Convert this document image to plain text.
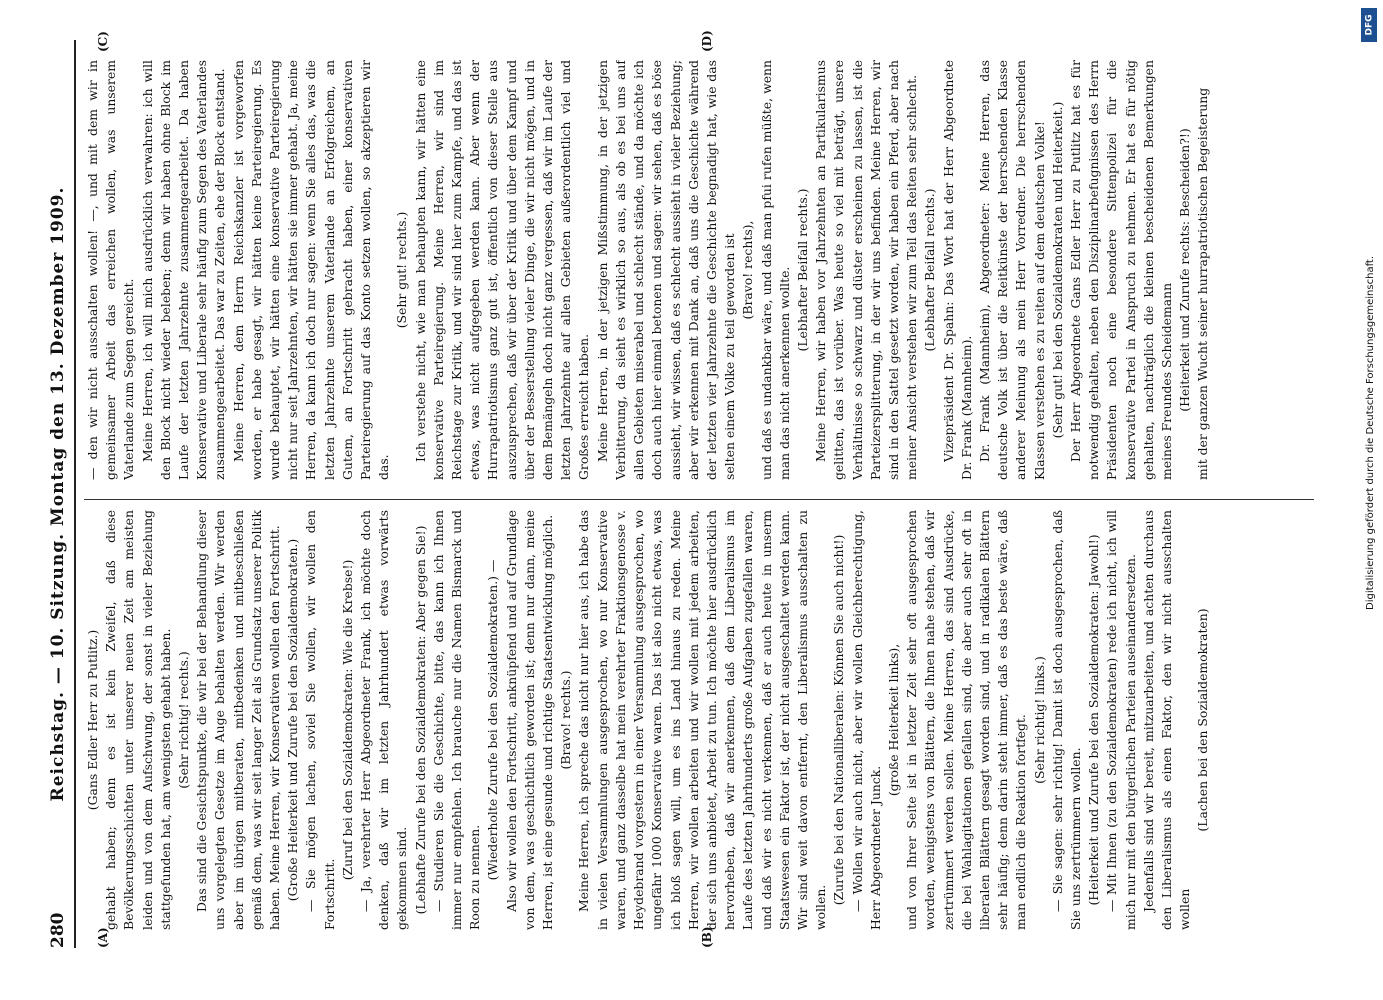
280
Reichstag. — 10. Sitzung. Montag den 13. Dezember 1909.
(A)	(B)
(C)	(D)
(Gans Edler Herr zu Putlitz.) gehabt haben; denn es ist kein Zweifel, daß diese Bevölkerungsschichten unter unserer neuen Zeit am meisten leiden und von dem Aufschwung, der sonst in vieler Beziehung stattgefunden hat, am wenigsten gehabt haben. (Sehr richtig! rechts.) Das sind die Gesichtspunkte, die wir bei der Behandlung dieser uns vorgelegten Gesetze im Auge behalten werden. Wir werden aber im übrigen mitberaten, mitbedenken und mitbeschließen gemäß dem, was wir seit langer Zeit als Grundsatz unserer Politik haben. Meine Herren, wir Konservativen wollen den Fortschritt. (Große Heiterkeit und Zurufe bei den Sozialdemokraten.) — Sie mögen lachen, soviel Sie wollen, wir wollen den Fortschritt.

(Zuruf bei den Sozialdemokraten: Wie die Krebse!) — Ja, verehrter Herr Abgeordneter Frank, ich möchte doch denken, daß wir im letzten Jahrhundert etwas vorwärts gekommen sind. (Lebhafte Zurufe bei den Sozialdemokraten: Aber gegen Sie!) — Studieren Sie die Geschichte, bitte, das kann ich Ihnen immer nur empfehlen. Ich brauche nur die Namen Bismarck und Roon zu nennen. (Wiederholte Zurufe bei den Sozialdemokraten.) — Also wir wollen den Fortschritt, anknüpfend und auf Grundlage von dem, was geschichtlich geworden ist; denn nur dann, meine Herren, ist eine gesunde und richtige Staatsentwicklung möglich. (Bravo! rechts.) Meine Herren, ich spreche das nicht nur hier aus, ich habe das in vielen Versammlungen ausgesprochen, wo nur Konservative waren, und ganz dasselbe hat mein verehrter Fraktionsgenosse v. Heydebrand vorgestern in einer Versammlung ausgesprochen, wo ungefähr 1000 Konservative waren. Das ist also nicht etwas, was ich bloß sagen will, um es ins Land hinaus zu reden. Meine Herren, wir wollen arbeiten und wir wollen mit jedem arbeiten, der sich uns anbietet, Arbeit zu tun. Ich möchte hier ausdrücklich hervorheben, daß wir anerkennen, daß dem Liberalismus im Laufe des letzten Jahrhunderts große Aufgaben zugefallen waren, und daß wir es nicht verkennen, daß er auch heute in unserm Staatswesen ein Faktor ist, der nicht ausgeschaltet werden kann. Wir sind weit davon entfernt, den Liberalismus ausschalten zu wollen.

(Zurufe bei den Nationalliberalen: Können Sie auch nicht!) — Wollen wir auch nicht, aber wir wollen Gleichberechtigung, Herr Abgeordneter Junck.

(große Heiterkeit links), und von Ihrer Seite ist in letzter Zeit sehr oft ausgesprochen worden, wenigstens von Blättern, die Ihnen nahe stehen, daß wir zertrümmert werden sollen. Meine Herren, das sind Ausdrücke, die bei Wahlagitationen gefallen sind, die aber auch sehr oft in liberalen Blättern gesagt worden sind, und in radikalen Blättern sehr häufig; denn darin steht immer, daß es das beste wäre, daß man endlich die Reaktion fortfegt. (Sehr richtig! links.) — Sie sagen: sehr richtig! Damit ist doch ausgesprochen, daß Sie uns zertrümmern wollen. (Heiterkeit und Zurufe bei den Sozialdemokraten: Jawohl!) — Mit Ihnen (zu den Sozialdemokraten) rede ich nicht, ich will mich nur mit den bürgerlichen Parteien auseinandersetzen. Jedenfalls sind wir bereit, mitzuarbeiten, und achten durchaus den Liberalismus als einen Faktor, den wir nicht ausschalten wollen

(Lachen bei den Sozialdemokraten)

— den wir nicht ausschalten wollen! —, und mit dem wir in gemeinsamer Arbeit das erreichen wollen, was unserem Vaterlande zum Segen gereicht. Meine Herren, ich will mich ausdrücklich verwahren: ich will den Block nicht wieder beleben; denn wir haben ohne Block im Laufe der letzten Jahrzehnte zusammengearbeitet. Da haben Konservative und Liberale sehr häufig zum Segen des Vaterlandes zusammengearbeitet. Das war zu Zeiten, ehe der Block entstand. Meine Herren, dem Herrn Reichskanzler ist vorgeworfen worden, er habe gesagt, wir hätten keine Parteiregierung. Es wurde behauptet, wir hätten eine konservative Parteiregierung nicht nur seit Jahrzehnten, wir hätten sie immer gehabt. Ja, meine Herren, da kann ich doch nur sagen: wenn Sie alles das, was die letzten Jahrzehnte unserem Vaterlande an Erfolgreichem, an Gutem, an Fortschritt gebracht haben, einer konservativen Parteiregierung auf das Konto setzen wollen, so akzeptieren wir das.

(Sehr gut! rechts.) Ich verstehe nicht, wie man behaupten kann, wir hätten eine konservative Parteiregierung. Meine Herren, wir sind im Reichstage zur Kritik, und wir sind hier zum Kampfe, und das ist etwas, was nicht aufgegeben werden kann. Aber wenn der Hurrapatriotismus ganz gut ist, öffentlich von dieser Stelle aus auszusprechen, daß wir über der Kritik und über dem Kampf und über der Besserstellung vieler Dinge, die wir nicht mögen, und in dem Bemängeln doch nicht ganz vergessen, daß wir im Laufe der letzten Jahrzehnte auf allen Gebieten außerordentlich viel und Großes erreicht haben. Meine Herren, in der jetzigen Mißstimmung, in der jetzigen Verbitterung, da sieht es wirklich so aus, als ob es bei uns auf allen Gebieten miserabel und schlecht stände, und da möchte ich doch auch hier einmal betonen und sagen: wir sehen, daß es böse aussieht, wir wissen, daß es schlecht aussieht in vieler Beziehung; aber wir erkennen mit Dank an, daß uns die Geschichte während der letzten vier Jahrzehnte die Geschichte begnadigt hat, wie das selten einem Volke zu teil geworden ist (Bravo! rechts), und daß es undankbar wäre, und daß man pfui rufen müßte, wenn man das nicht anerkennen wollte. (Lebhafter Beifall rechts.) Meine Herren, wir haben vor Jahrzehnten an Partikularismus gelitten, das ist vorüber. Was heute so viel mit beträgt, unsere Verhältnisse so schwarz und düster erscheinen zu lassen, ist die Parteizersplitterung, in der wir uns befinden. Meine Herren, wir sind in den Sattel gesetzt worden, wir haben ein Pferd, aber nach meiner Ansicht verstehen wir zum Teil das Reiten sehr schlecht. (Lebhafter Beifall rechts.) Vizepräsident Dr. Spahn: Das Wort hat der Herr Abgeordnete Dr. Frank (Mannheim). Dr. Frank (Mannheim), Abgeordneter: Meine Herren, das deutsche Volk ist über die Reitkünste der herrschenden Klasse anderer Meinung als mein Herr Vorredner. Die herrschenden Klassen verstehen es zu reiten auf dem deutschen Volke! (Sehr gut! bei den Sozialdemokraten und Heiterkeit.) Der Herr Abgeordnete Gans Edler Herr zu Putlitz hat es für notwendig gehalten, neben den Disziplinarbefugnissen des Herrn Präsidenten noch eine besondere Sittenpolizei für die konservative Partei in Anspruch zu nehmen. Er hat es für nötig gehalten, nachträglich die kleinen bescheidenen Bemerkungen meines Freundes Scheidemann (Heiterkeit und Zurufe rechts: Bescheiden?!) mit der ganzen Wucht seiner hurrapatriotischen Begeisterung

DFG
Digitalisierung gefördert durch die Deutsche Forschungsgemeinschaft.
